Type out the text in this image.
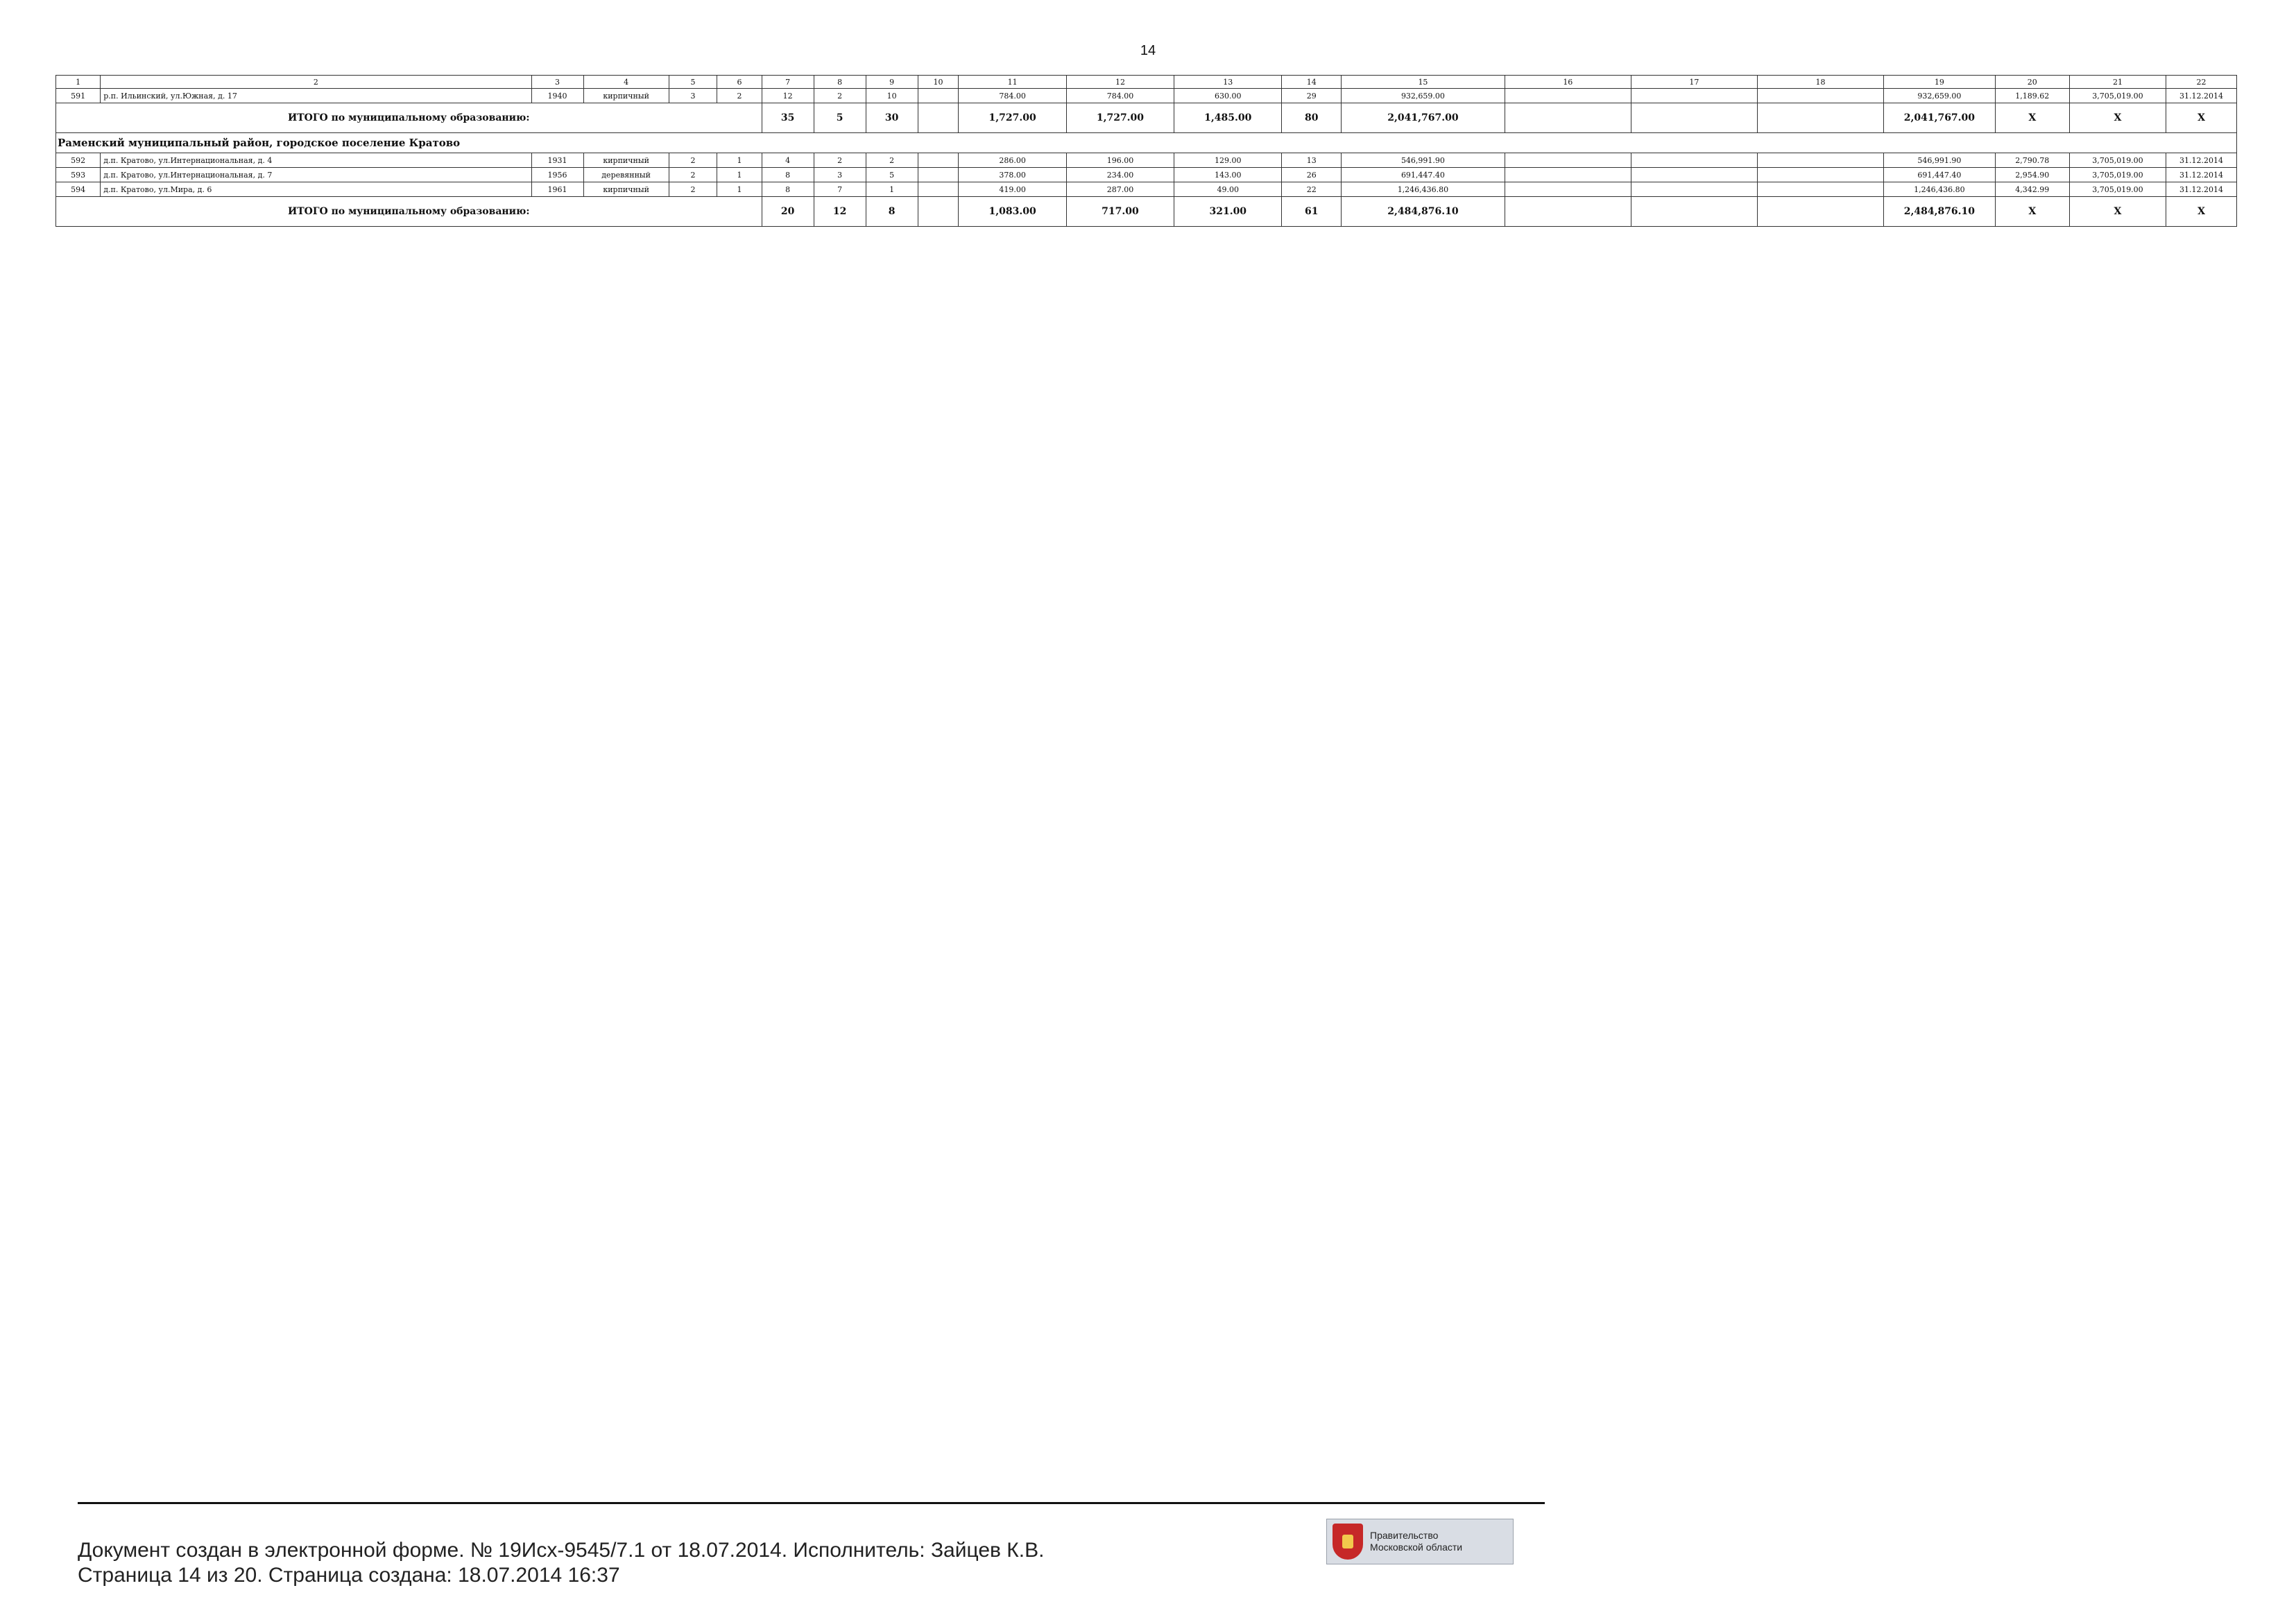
14
1	2	3	4	5	6	7	8	9	10	11	12	13	14	15	16	17	18	19	20	21	22
591	р.п. Ильинский, ул.Южная, д. 17	1940	кирпичный	3	2	12	2	10		784.00	784.00	630.00	29	932,659.00				932,659.00	1,189.62	3,705,019.00	31.12.2014
ИТОГО по муниципальному образованию:						35	5	30		1,727.00	1,727.00	1,485.00	80	2,041,767.00				2,041,767.00	X	X	X
Раменский муниципальный район, городское поселение Кратово																					
592	д.п. Кратово, ул.Интернациональная, д. 4	1931	кирпичный	2	1	4	2	2		286.00	196.00	129.00	13	546,991.90				546,991.90	2,790.78	3,705,019.00	31.12.2014
593	д.п. Кратово, ул.Интернациональная, д. 7	1956	деревянный	2	1	8	3	5		378.00	234.00	143.00	26	691,447.40				691,447.40	2,954.90	3,705,019.00	31.12.2014
594	д.п. Кратово, ул.Мира, д. 6	1961	кирпичный	2	1	8	7	1		419.00	287.00	49.00	22	1,246,436.80				1,246,436.80	4,342.99	3,705,019.00	31.12.2014
ИТОГО по муниципальному образованию:						20	12	8		1,083.00	717.00	321.00	61	2,484,876.10				2,484,876.10	X	X	X
Правительство
Московской области
Документ создан в электронной форме. № 19Исх-9545/7.1 от 18.07.2014. Исполнитель: Зайцев К.В.
Страница 14 из 20. Страница создана: 18.07.2014 16:37
